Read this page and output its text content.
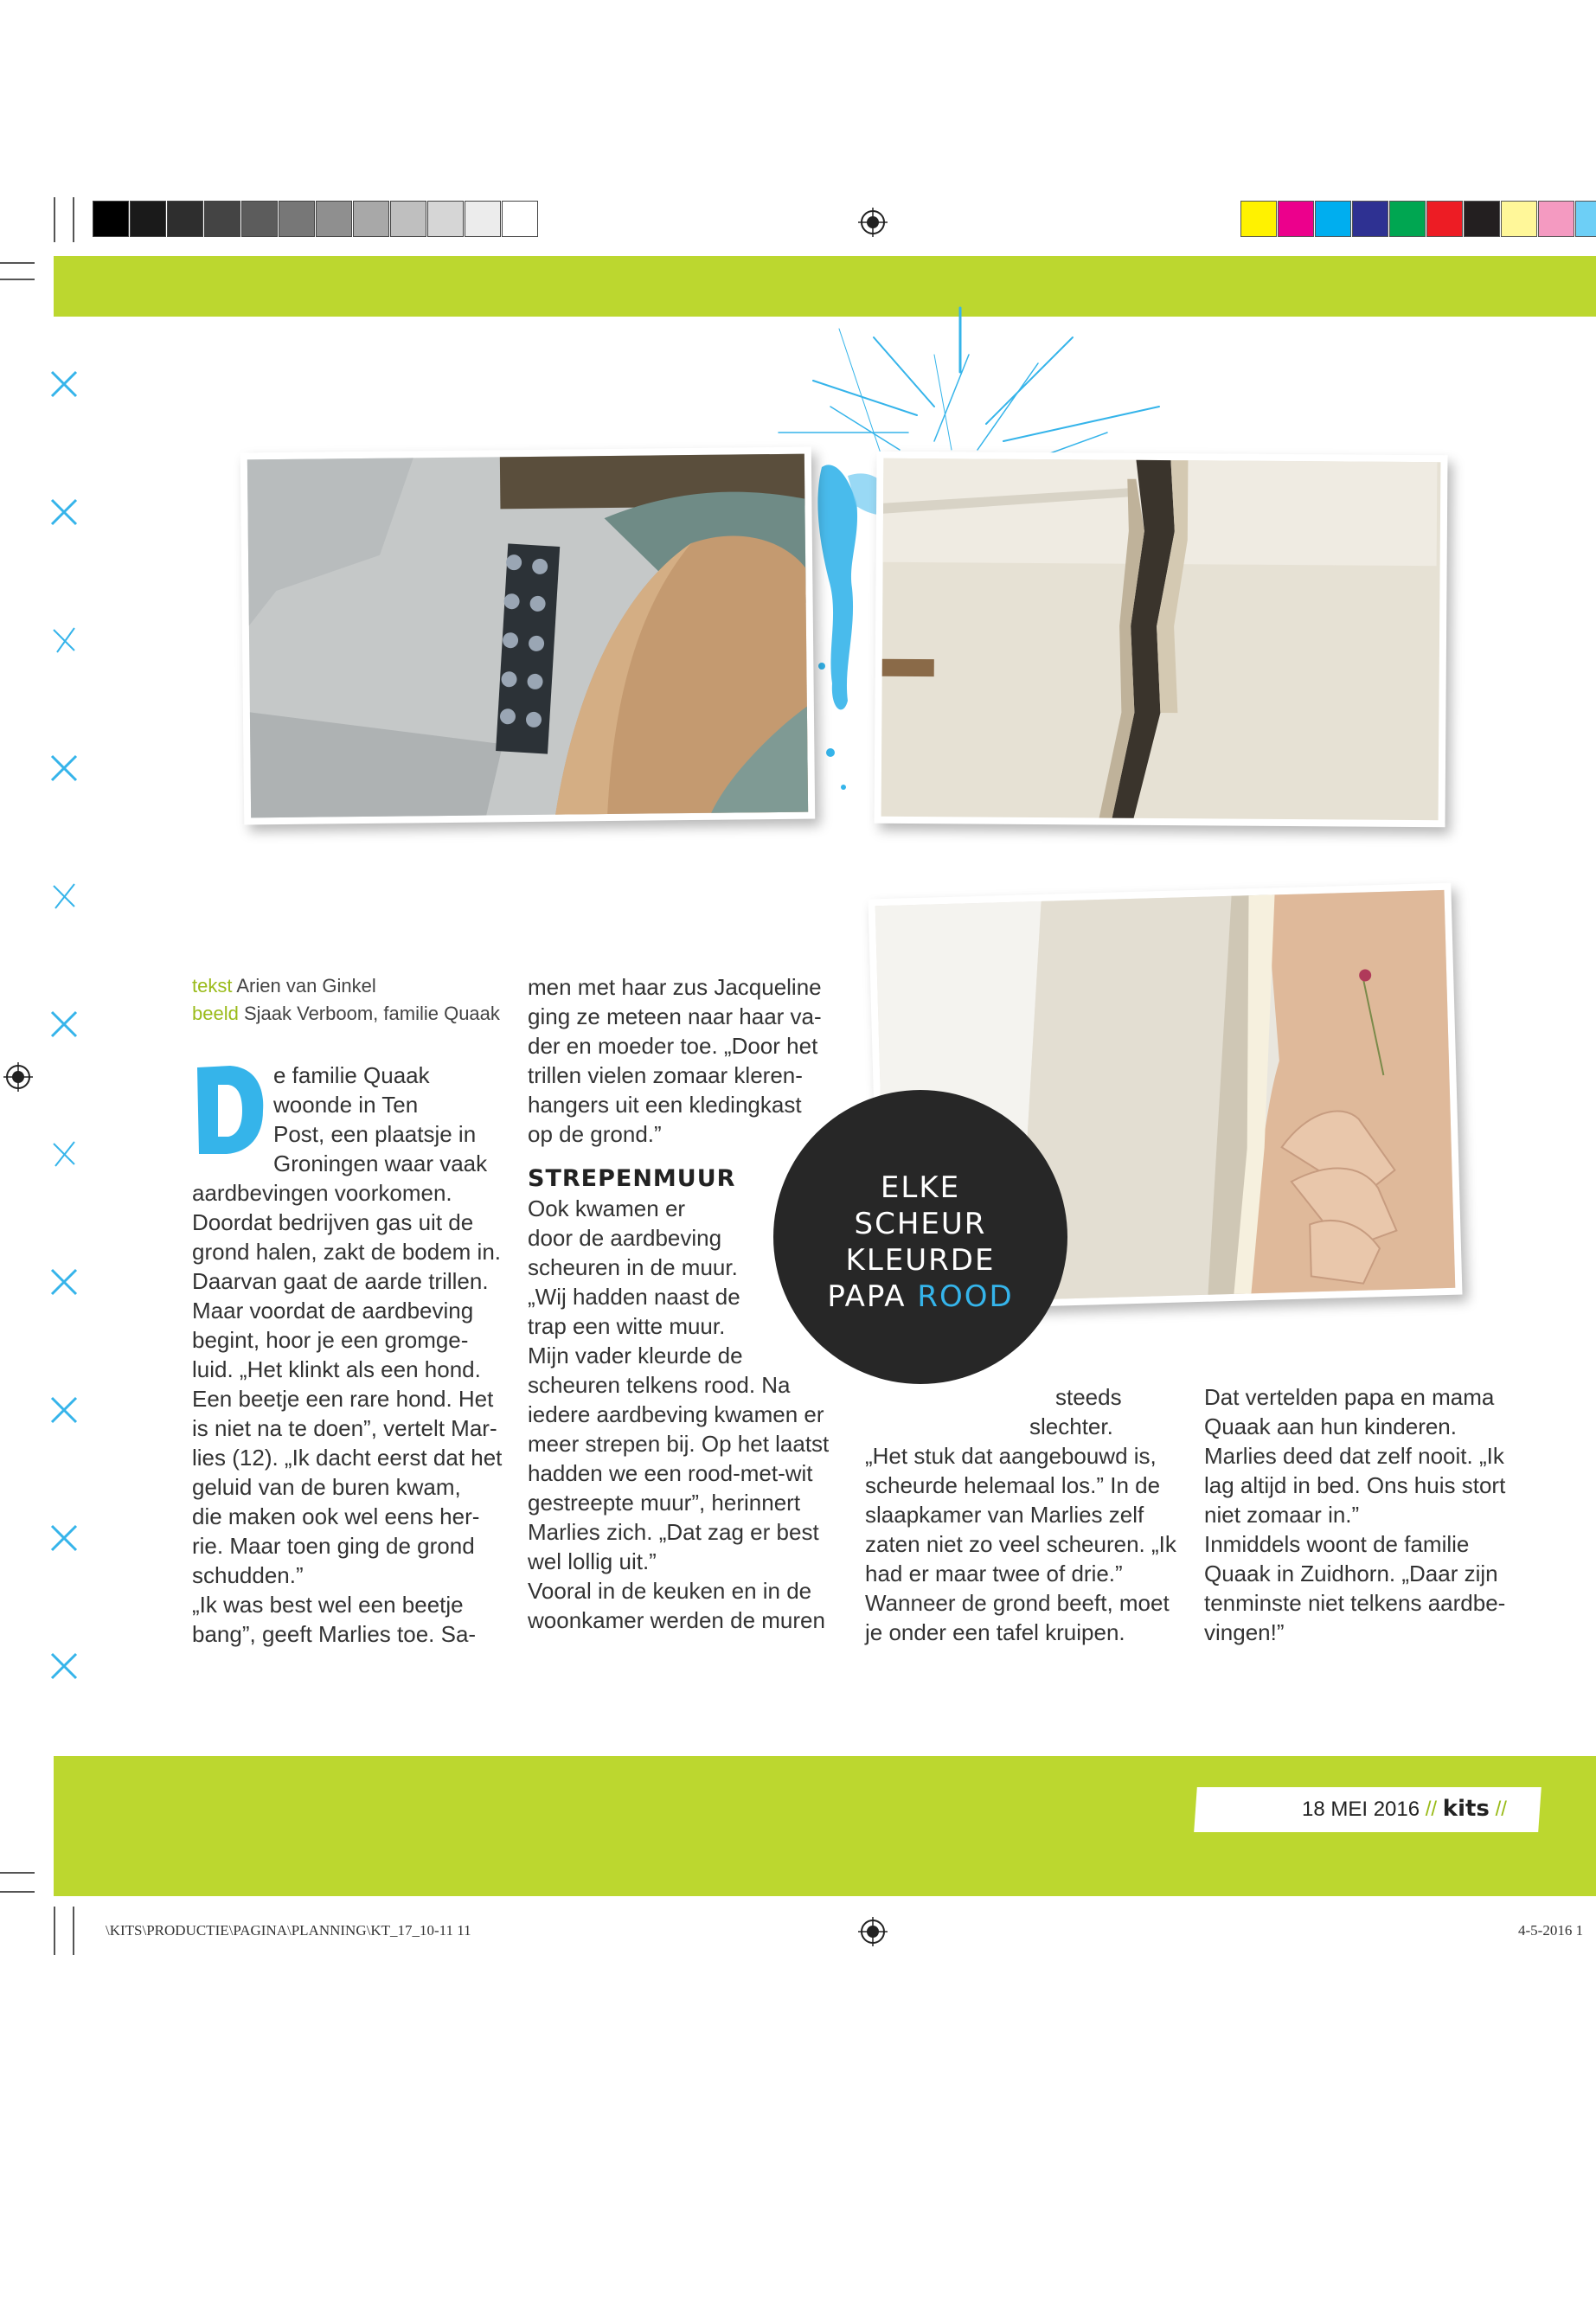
tekst Arien van Ginkel
beeld Sjaak Verboom, familie Quaak

e familie Quaak

woonde in Ten

Post, een plaatsje in

Groningen waar vaak

aardbevingen voorkomen.

Doordat bedrijven gas uit de

grond halen, zakt de bodem in.

Daarvan gaat de aarde trillen.

Maar voordat de aardbeving

begint, hoor je een gromge-

luid. „Het klinkt als een hond.

Een beetje een rare hond. Het

is niet na te doen”, vertelt Mar-

lies (12). „Ik dacht eerst dat het

geluid van de buren kwam,

die maken ook wel eens her-

rie. Maar toen ging de grond

schudden.”

„Ik was best wel een beetje

bang”, geeft Marlies toe. Sa-

men met haar zus Jacqueline

ging ze meteen naar haar va-

der en moeder toe. „Door het

trillen vielen zomaar kleren-

hangers uit een kledingkast

op de grond.”

STREPENMUUR

Ook kwamen er

door de aardbeving

scheuren in de muur.

„Wij hadden naast de

trap een witte muur.

Mijn vader kleurde de

scheuren telkens rood. Na

iedere aardbeving kwamen er

meer strepen bij. Op het laatst

hadden we een rood-met-wit

gestreepte muur”, herinnert

Marlies zich. „Dat zag er best

wel lollig uit.”

Vooral in de keuken en in de

woonkamer werden de muren

steeds

slechter.

„Het stuk dat aangebouwd is,

scheurde helemaal los.” In de

slaapkamer van Marlies zelf

zaten niet zo veel scheuren. „Ik

had er maar twee of drie.”

Wanneer de grond beeft, moet

je onder een tafel kruipen.

Dat vertelden papa en mama

Quaak aan hun kinderen.

Marlies deed dat zelf nooit. „Ik

lag altijd in bed. Ons huis stort

niet zomaar in.”

Inmiddels woont de familie

Quaak in Zuidhorn. „Daar zijn

tenminste niet telkens aardbe-

vingen!”

ELKE
SCHEUR
KLEURDE
PAPA ROOD
18 MEI 2016 // kits //
\KITS\PRODUCTIE\PAGINA\PLANNING\KT_17_10-11 11	4-5-2016 1
